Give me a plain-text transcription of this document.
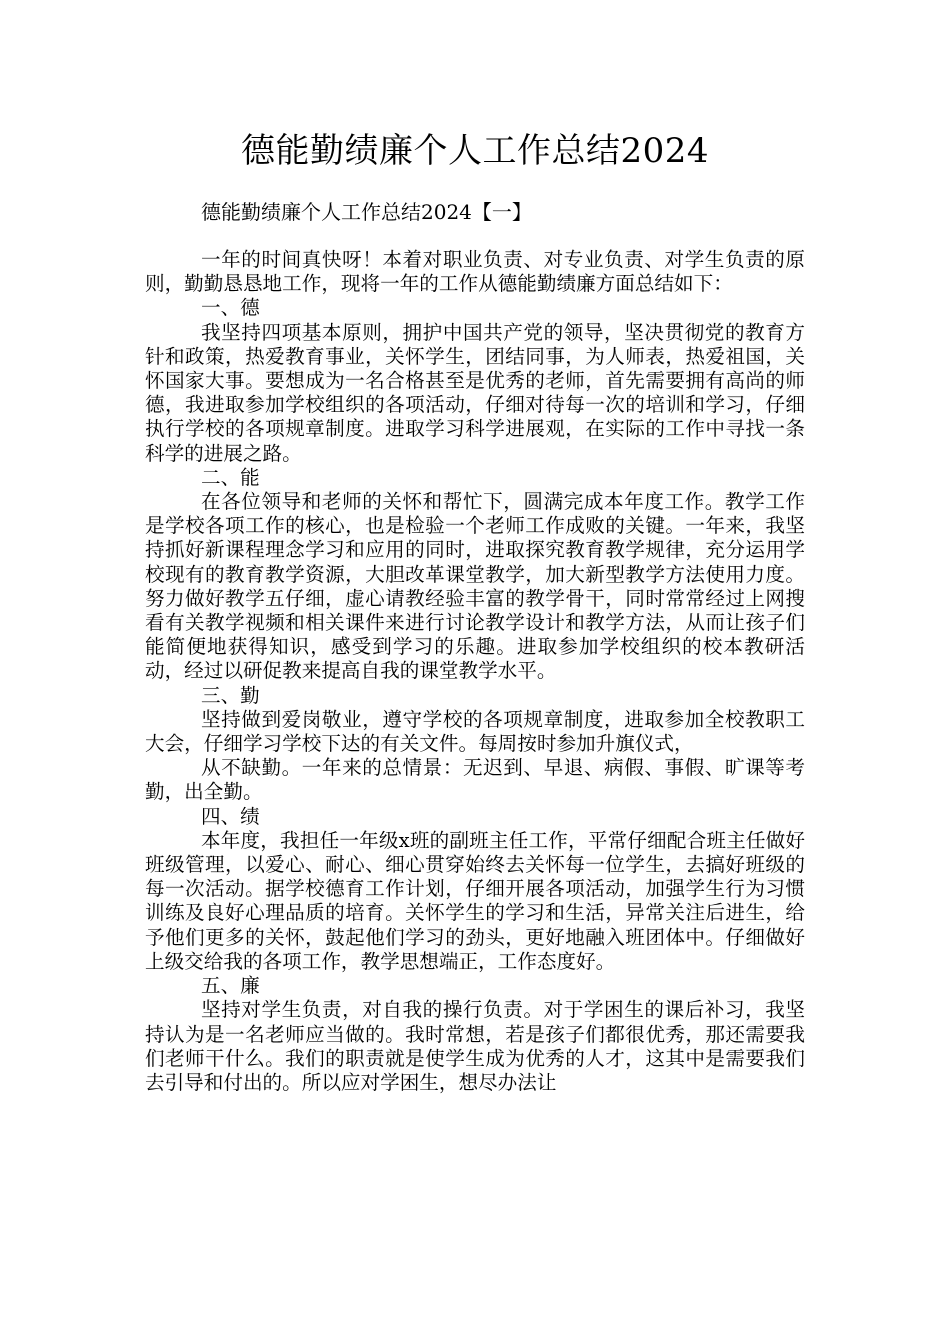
德能勤绩廉个人工作总结2024

德能勤绩廉个人工作总结2024【一】

一年的时间真快呀！本着对职业负责、对专业负责、对学生负责的原则，勤勤恳恳地工作，现将一年的工作从德能勤绩廉方面总结如下：

一、德

我坚持四项基本原则，拥护中国共产党的领导，坚决贯彻党的教育方针和政策，热爱教育事业，关怀学生，团结同事，为人师表，热爱祖国，关怀国家大事。要想成为一名合格甚至是优秀的老师，首先需要拥有高尚的师德，我进取参加学校组织的各项活动，仔细对待每一次的培训和学习，仔细执行学校的各项规章制度。进取学习科学进展观，在实际的工作中寻找一条科学的进展之路。

二、能

在各位领导和老师的关怀和帮忙下，圆满完成本年度工作。教学工作是学校各项工作的核心，也是检验一个老师工作成败的关键。一年来，我坚持抓好新课程理念学习和应用的同时，进取探究教育教学规律，充分运用学校现有的教育教学资源，大胆改革课堂教学，加大新型教学方法使用力度。努力做好教学五仔细，虚心请教经验丰富的教学骨干，同时常常经过上网搜看有关教学视频和相关课件来进行讨论教学设计和教学方法，从而让孩子们能简便地获得知识，感受到学习的乐趣。进取参加学校组织的校本教研活动，经过以研促教来提高自我的课堂教学水平。

三、勤

坚持做到爱岗敬业，遵守学校的各项规章制度，进取参加全校教职工大会，仔细学习学校下达的有关文件。每周按时参加升旗仪式，

从不缺勤。一年来的总情景：无迟到、早退、病假、事假、旷课等考勤，出全勤。

四、绩

本年度，我担任一年级x班的副班主任工作，平常仔细配合班主任做好班级管理，以爱心、耐心、细心贯穿始终去关怀每一位学生，去搞好班级的每一次活动。据学校德育工作计划，仔细开展各项活动，加强学生行为习惯训练及良好心理品质的培育。关怀学生的学习和生活，异常关注后进生，给予他们更多的关怀，鼓起他们学习的劲头，更好地融入班团体中。仔细做好上级交给我的各项工作，教学思想端正，工作态度好。

五、廉

坚持对学生负责，对自我的操行负责。对于学困生的课后补习，我坚持认为是一名老师应当做的。我时常想，若是孩子们都很优秀，那还需要我们老师干什么。我们的职责就是使学生成为优秀的人才，这其中是需要我们去引导和付出的。所以应对学困生，想尽办法让
